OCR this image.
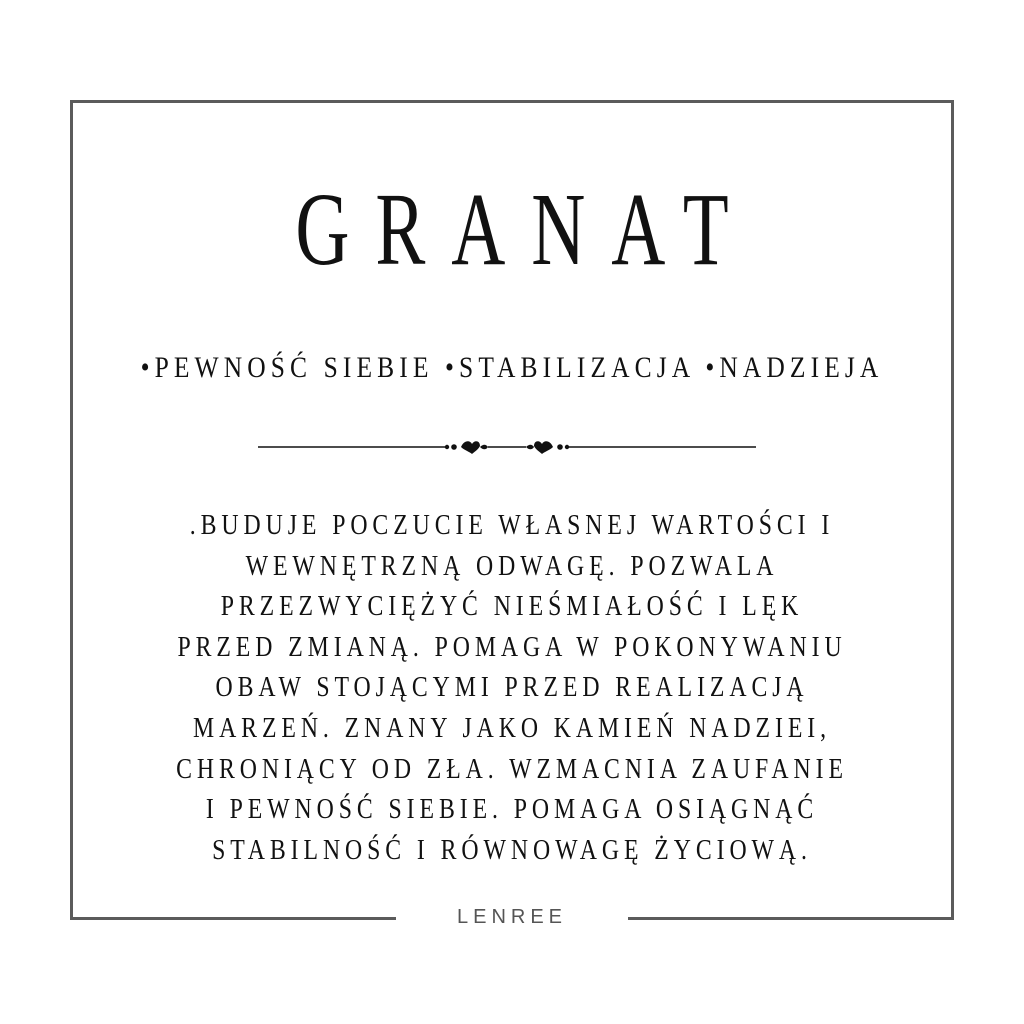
GRANAT
•PEWNOŚĆ SIEBIE •STABILIZACJA •NADZIEJA
.BUDUJE POCZUCIE WŁASNEJ WARTOŚCI I WEWNĘTRZNĄ ODWAGĘ. POZWALA PRZEZWYCIĘŻYĆ NIEŚMIAŁOŚĆ I LĘK PRZED ZMIANĄ. POMAGA W POKONYWANIU OBAW STOJĄCYMI PRZED REALIZACJĄ MARZEŃ. ZNANY JAKO KAMIEŃ NADZIEI, CHRONIĄCY OD ZŁA. WZMACNIA ZAUFANIE I PEWNOŚĆ SIEBIE. POMAGA OSIĄGNĄĆ STABILNOŚĆ I RÓWNOWAGĘ ŻYCIOWĄ.
LENREE
